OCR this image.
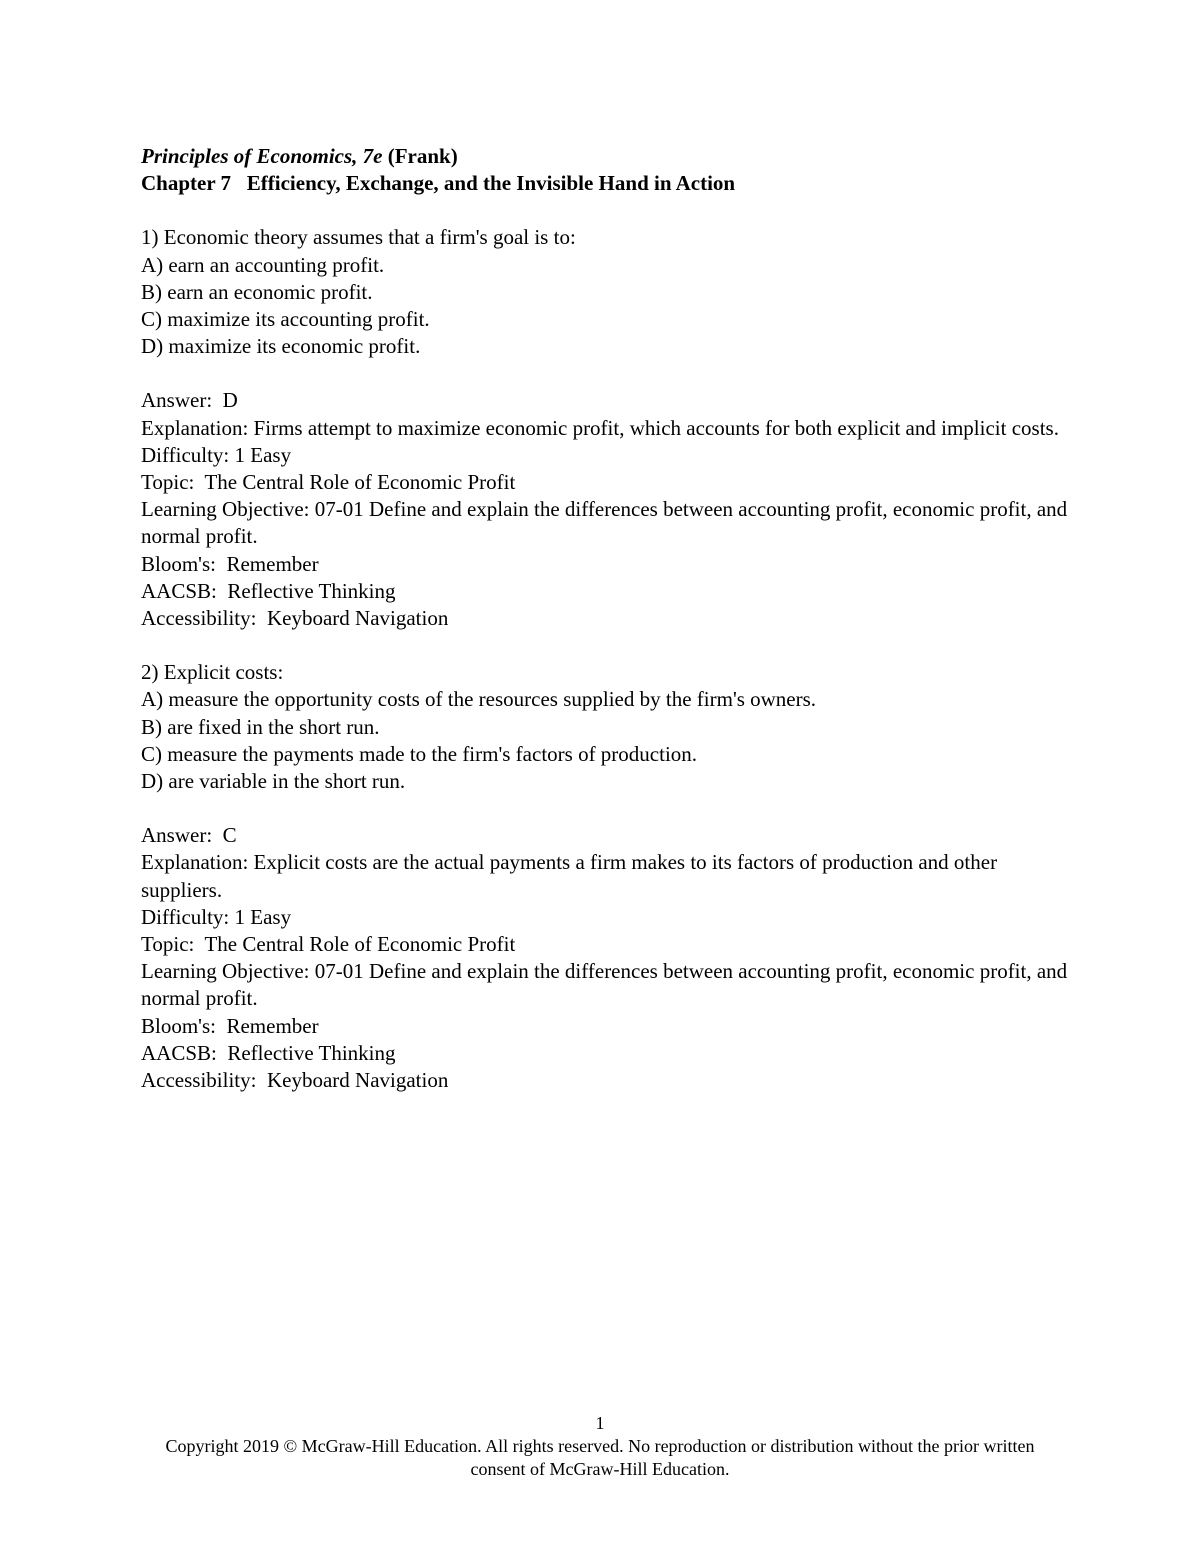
Principles of Economics, 7e (Frank)
Chapter 7   Efficiency, Exchange, and the Invisible Hand in Action
1) Economic theory assumes that a firm's goal is to:
A) earn an accounting profit.
B) earn an economic profit.
C) maximize its accounting profit.
D) maximize its economic profit.
Answer:  D
Explanation: Firms attempt to maximize economic profit, which accounts for both explicit and implicit costs.
Difficulty: 1 Easy
Topic:  The Central Role of Economic Profit
Learning Objective: 07-01 Define and explain the differences between accounting profit, economic profit, and normal profit.
Bloom's:  Remember
AACSB:  Reflective Thinking
Accessibility:  Keyboard Navigation
2) Explicit costs:
A) measure the opportunity costs of the resources supplied by the firm's owners.
B) are fixed in the short run.
C) measure the payments made to the firm's factors of production.
D) are variable in the short run.
Answer:  C
Explanation: Explicit costs are the actual payments a firm makes to its factors of production and other suppliers.
Difficulty: 1 Easy
Topic:  The Central Role of Economic Profit
Learning Objective: 07-01 Define and explain the differences between accounting profit, economic profit, and normal profit.
Bloom's:  Remember
AACSB:  Reflective Thinking
Accessibility:  Keyboard Navigation
1
Copyright 2019 © McGraw-Hill Education. All rights reserved. No reproduction or distribution without the prior written consent of McGraw-Hill Education.
